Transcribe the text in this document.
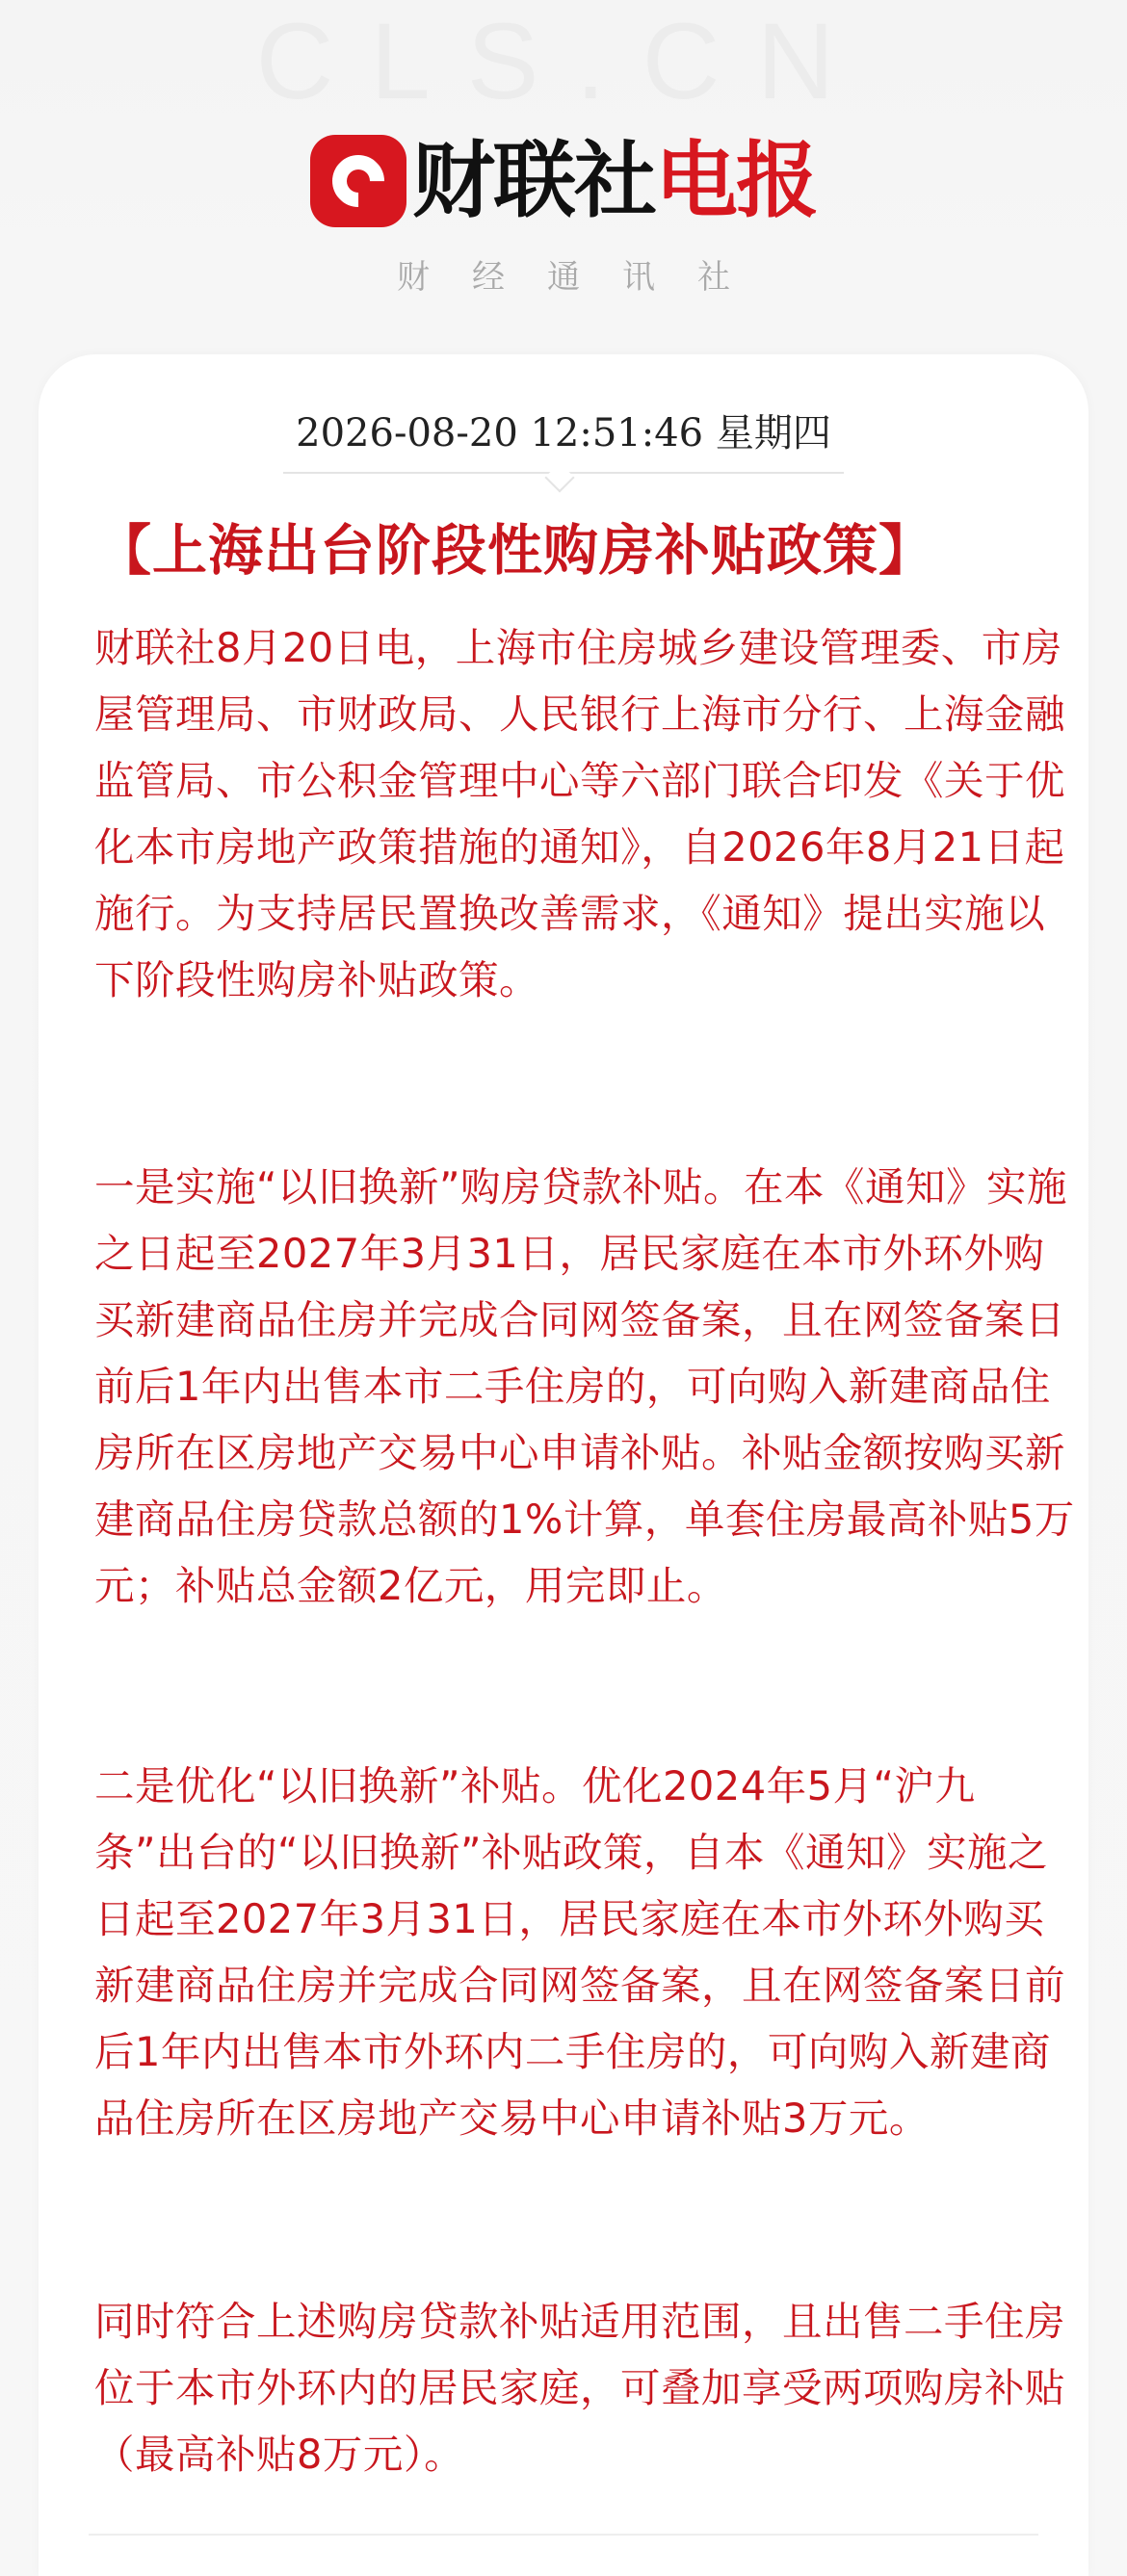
CLS.CN
财联社 电报
财经通讯社
2026-08-20 12:51:46 星期四
【上海出台阶段性购房补贴政策】
财联社8月20日电，上海市住房城乡建设管理委、市房屋管理局、市财政局、人民银行上海市分行、上海金融监管局、市公积金管理中心等六部门联合印发《关于优化本市房地产政策措施的通知》，自2026年8月21日起施行。为支持居民置换改善需求，《通知》提出实施以下阶段性购房补贴政策。
一是实施“以旧换新”购房贷款补贴。在本《通知》实施之日起至2027年3月31日，居民家庭在本市外环外购买新建商品住房并完成合同网签备案，且在网签备案日前后1年内出售本市二手住房的，可向购入新建商品住房所在区房地产交易中心申请补贴。补贴金额按购买新建商品住房贷款总额的1%计算，单套住房最高补贴5万元；补贴总金额2亿元，用完即止。
二是优化“以旧换新”补贴。优化2024年5月“沪九条”出台的“以旧换新”补贴政策，自本《通知》实施之日起至2027年3月31日，居民家庭在本市外环外购买新建商品住房并完成合同网签备案，且在网签备案日前后1年内出售本市外环内二手住房的，可向购入新建商品住房所在区房地产交易中心申请补贴3万元。
同时符合上述购房贷款补贴适用范围，且出售二手住房位于本市外环内的居民家庭，可叠加享受两项购房补贴（最高补贴8万元）。
